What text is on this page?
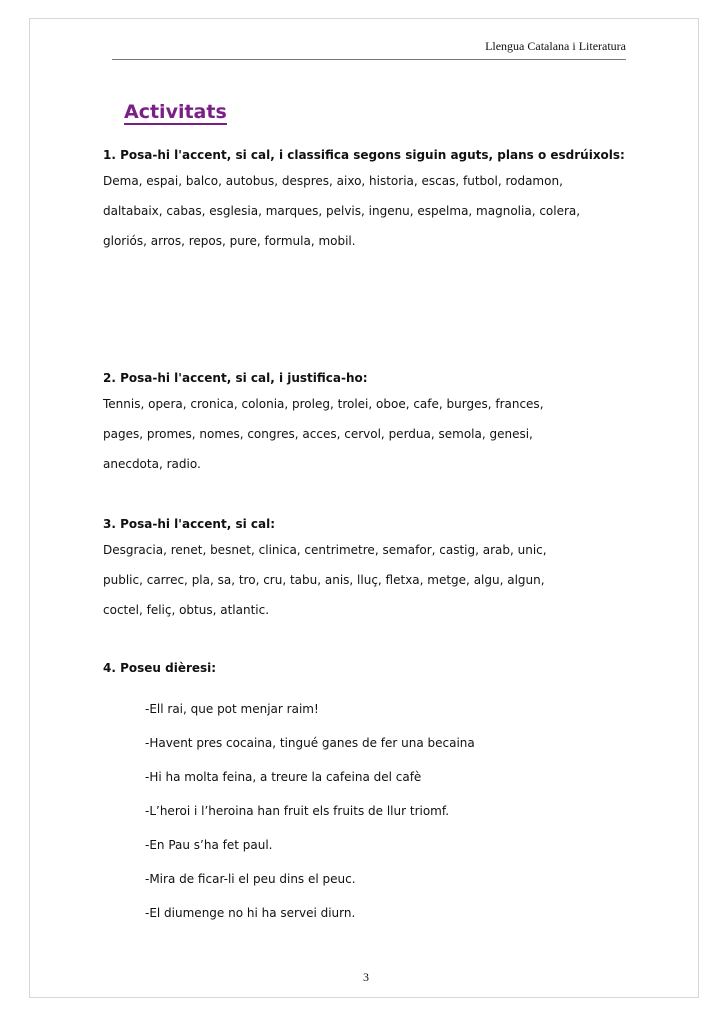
Llengua Catalana i Literatura
Activitats
1. Posa-hi l'accent, si cal, i classifica segons siguin aguts, plans o esdrúixols:
Dema, espai, balco, autobus, despres, aixo, historia, escas, futbol, rodamon,
daltabaix, cabas, esglesia, marques, pelvis, ingenu, espelma, magnolia, colera,
gloriós, arros, repos, pure, formula, mobil.
2. Posa-hi l'accent, si cal, i justifica-ho:
Tennis, opera, cronica, colonia, proleg, trolei, oboe, cafe, burges, frances,
pages, promes, nomes, congres, acces, cervol, perdua, semola, genesi,
anecdota, radio.
3. Posa-hi l'accent, si cal:
Desgracia, renet, besnet, clinica, centrimetre, semafor, castig, arab, unic,
public, carrec, pla, sa, tro, cru, tabu, anis, lluç, fletxa, metge, algu, algun,
coctel, feliç, obtus, atlantic.
4. Poseu dièresi:
-Ell rai, que pot menjar raim!
-Havent pres cocaina, tingué ganes de fer una becaina
-Hi ha molta feina, a treure la cafeina del cafè
-L’heroi i l’heroina han fruit els fruits de llur triomf.
-En Pau s’ha fet paul.
-Mira de ficar-li el peu dins el peuc.
-El diumenge no hi ha servei diurn.
3
